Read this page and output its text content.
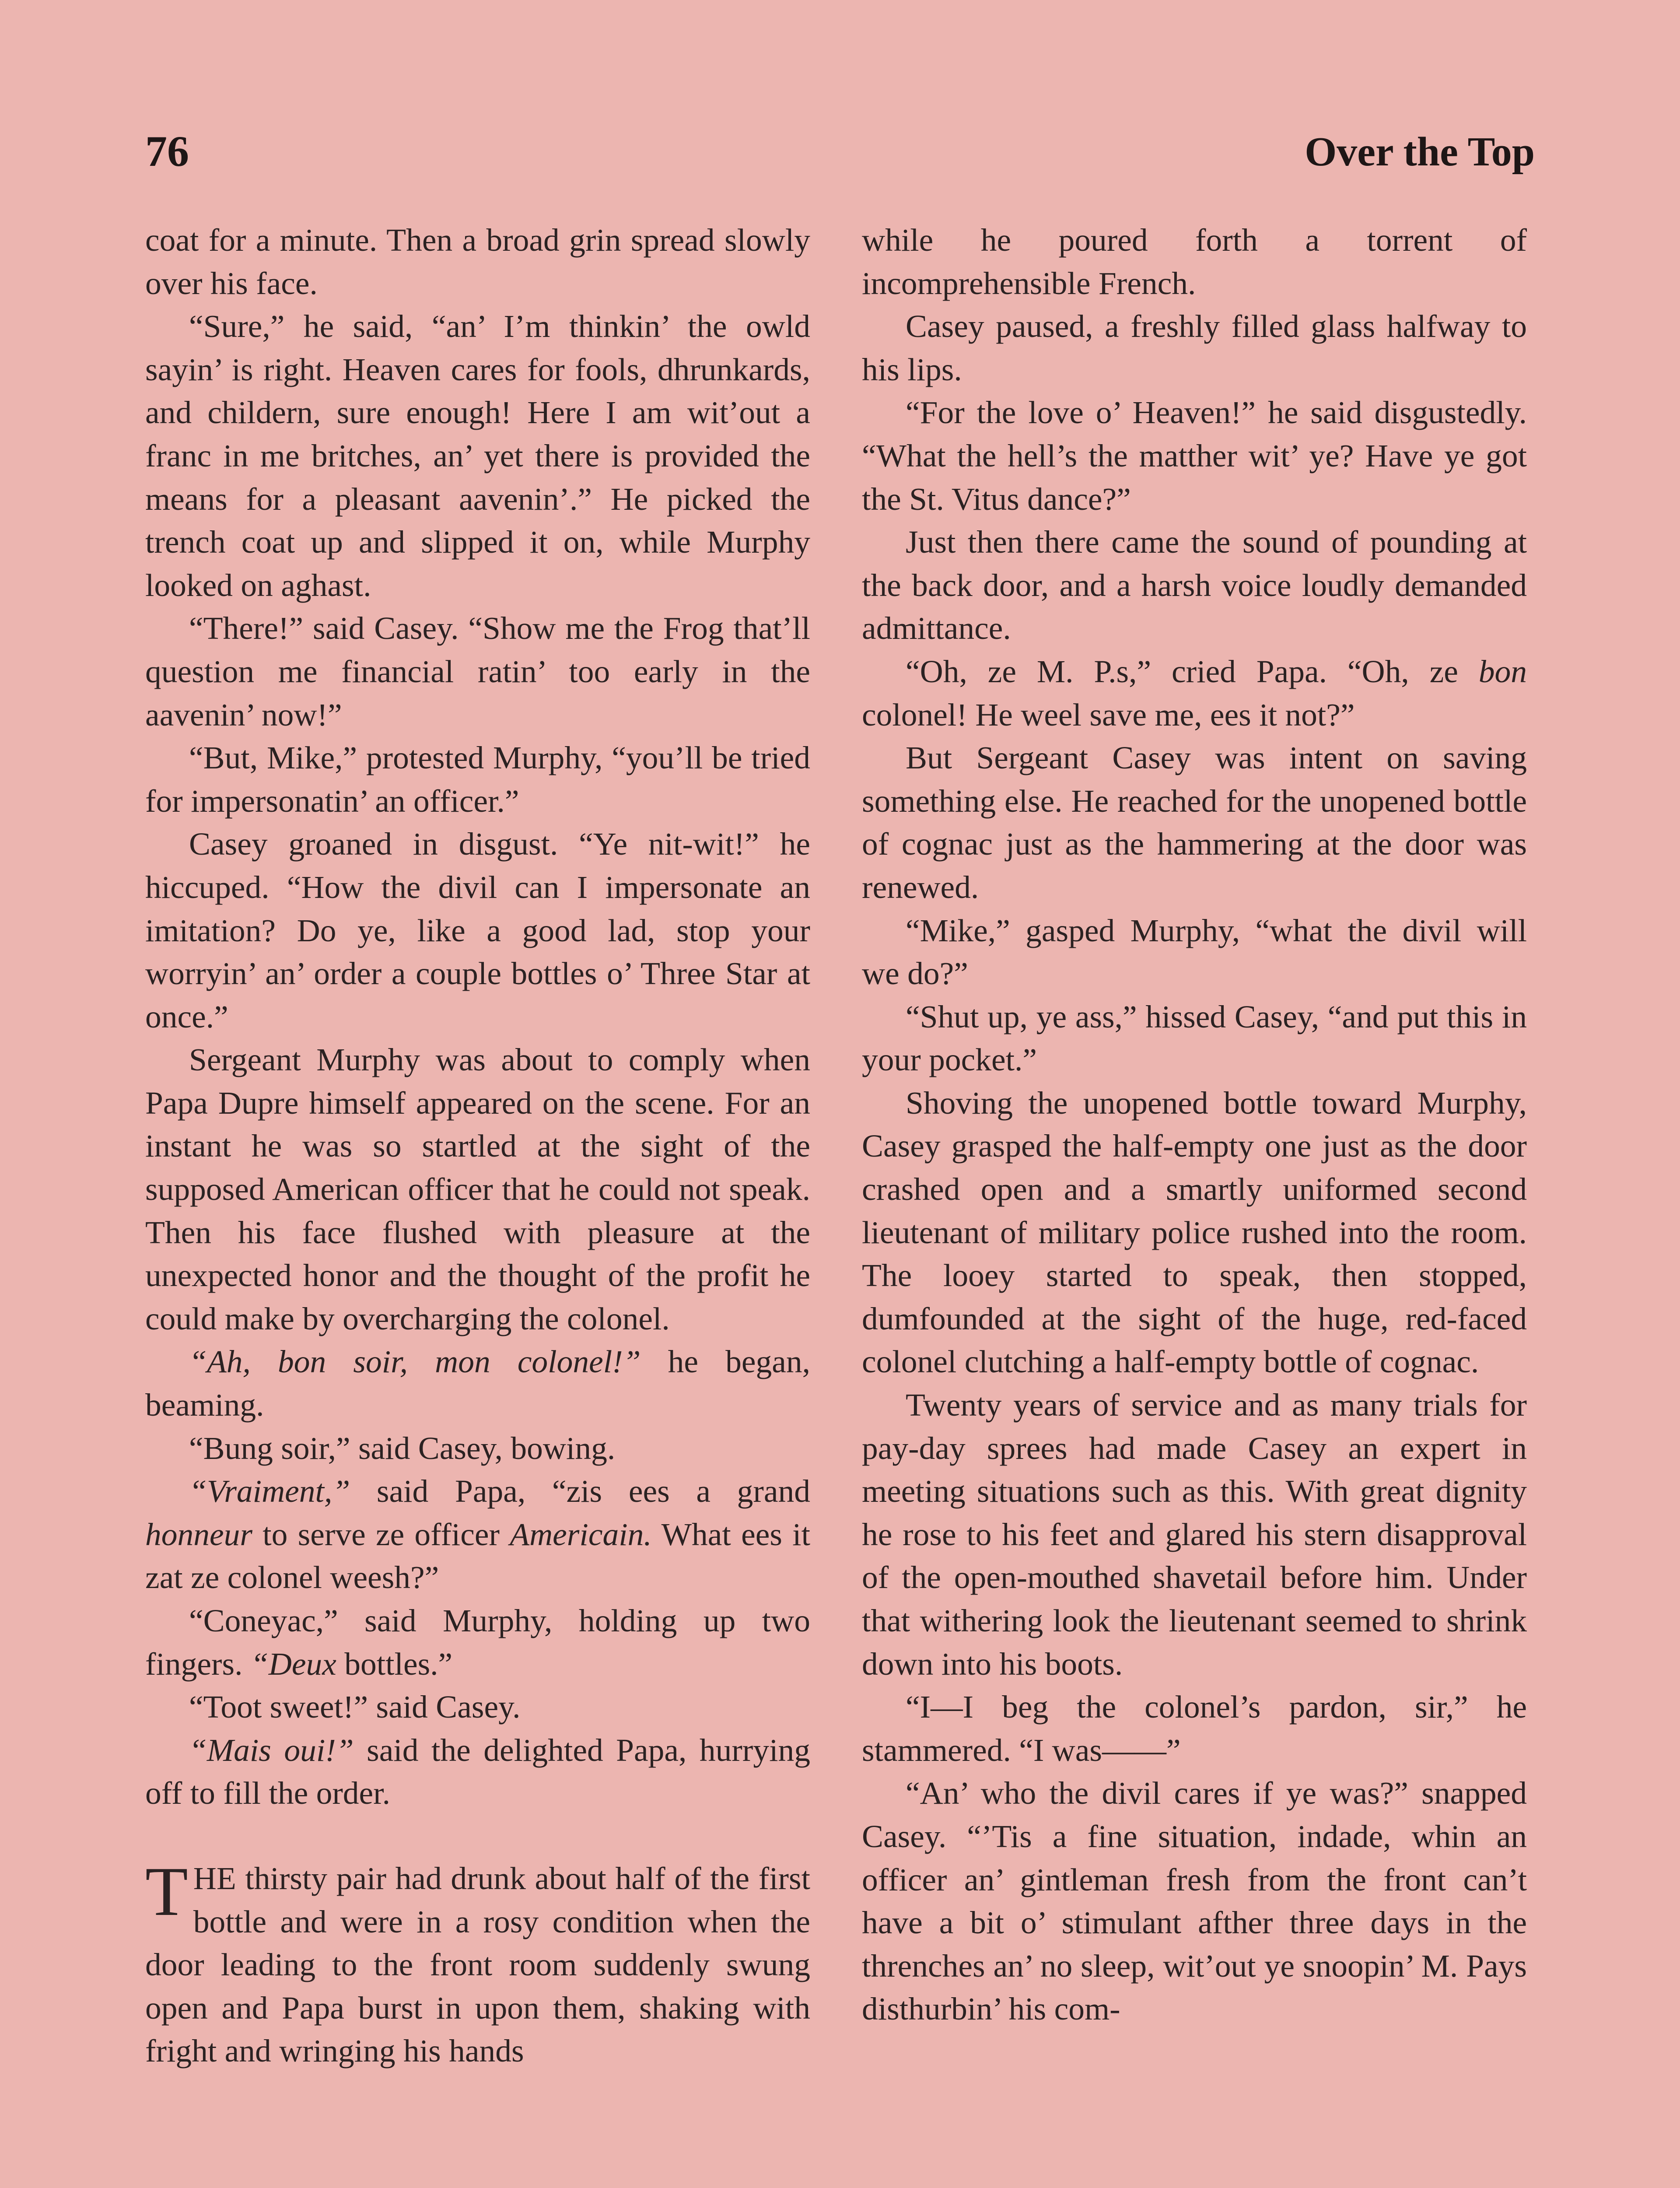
76	Over the Top

coat for a minute. Then a broad grin spread slowly over his face.

“Sure,” he said, “an’ I’m thinkin’ the owld sayin’ is right. Heaven cares for fools, dhrunkards, and childern, sure enough! Here I am wit’out a franc in me britches, an’ yet there is provided the means for a pleasant aavenin’.” He picked the trench coat up and slipped it on, while Murphy looked on aghast.

“There!” said Casey. “Show me the Frog that’ll question me financial ratin’ too early in the aavenin’ now!”

“But, Mike,” protested Murphy, “you’ll be tried for impersonatin’ an officer.”

Casey groaned in disgust. “Ye nit-wit!” he hiccuped. “How the divil can I impersonate an imitation? Do ye, like a good lad, stop your worryin’ an’ order a couple bottles o’ Three Star at once.”

Sergeant Murphy was about to comply when Papa Dupre himself appeared on the scene. For an instant he was so startled at the sight of the supposed American officer that he could not speak. Then his face flushed with pleasure at the unexpected honor and the thought of the profit he could make by overcharging the colonel.

“Ah, bon soir, mon colonel!” he began, beaming.

“Bung soir,” said Casey, bowing.

“Vraiment,” said Papa, “zis ees a grand honneur to serve ze officer Americain. What ees it zat ze colonel weesh?”

“Coneyac,” said Murphy, holding up two fingers. “Deux bottles.”

“Toot sweet!” said Casey.

“Mais oui!” said the delighted Papa, hurrying off to fill the order.

THE thirsty pair had drunk about half of the first bottle and were in a rosy condition when the door leading to the front room suddenly swung open and Papa burst in upon them, shaking with fright and wringing his hands

while he poured forth a torrent of incomprehensible French.

Casey paused, a freshly filled glass halfway to his lips.

“For the love o’ Heaven!” he said disgustedly. “What the hell’s the matther wit’ ye? Have ye got the St. Vitus dance?”

Just then there came the sound of pounding at the back door, and a harsh voice loudly demanded admittance.

“Oh, ze M. P.s,” cried Papa. “Oh, ze bon colonel! He weel save me, ees it not?”

But Sergeant Casey was intent on saving something else. He reached for the unopened bottle of cognac just as the hammering at the door was renewed.

“Mike,” gasped Murphy, “what the divil will we do?”

“Shut up, ye ass,” hissed Casey, “and put this in your pocket.”

Shoving the unopened bottle toward Murphy, Casey grasped the half-empty one just as the door crashed open and a smartly uniformed second lieutenant of military police rushed into the room. The looey started to speak, then stopped, dumfounded at the sight of the huge, red-faced colonel clutching a half-empty bottle of cognac.

Twenty years of service and as many trials for pay-day sprees had made Casey an expert in meeting situations such as this. With great dignity he rose to his feet and glared his stern disapproval of the open-mouthed shavetail before him. Under that withering look the lieutenant seemed to shrink down into his boots.

“I—I beg the colonel’s pardon, sir,” he stammered. “I was——”

“An’ who the divil cares if ye was?” snapped Casey. “’Tis a fine situation, indade, whin an officer an’ gintleman fresh from the front can’t have a bit o’ stimulant afther three days in the threnches an’ no sleep, wit’out ye snoopin’ M. Pays disthurbin’ his com-
